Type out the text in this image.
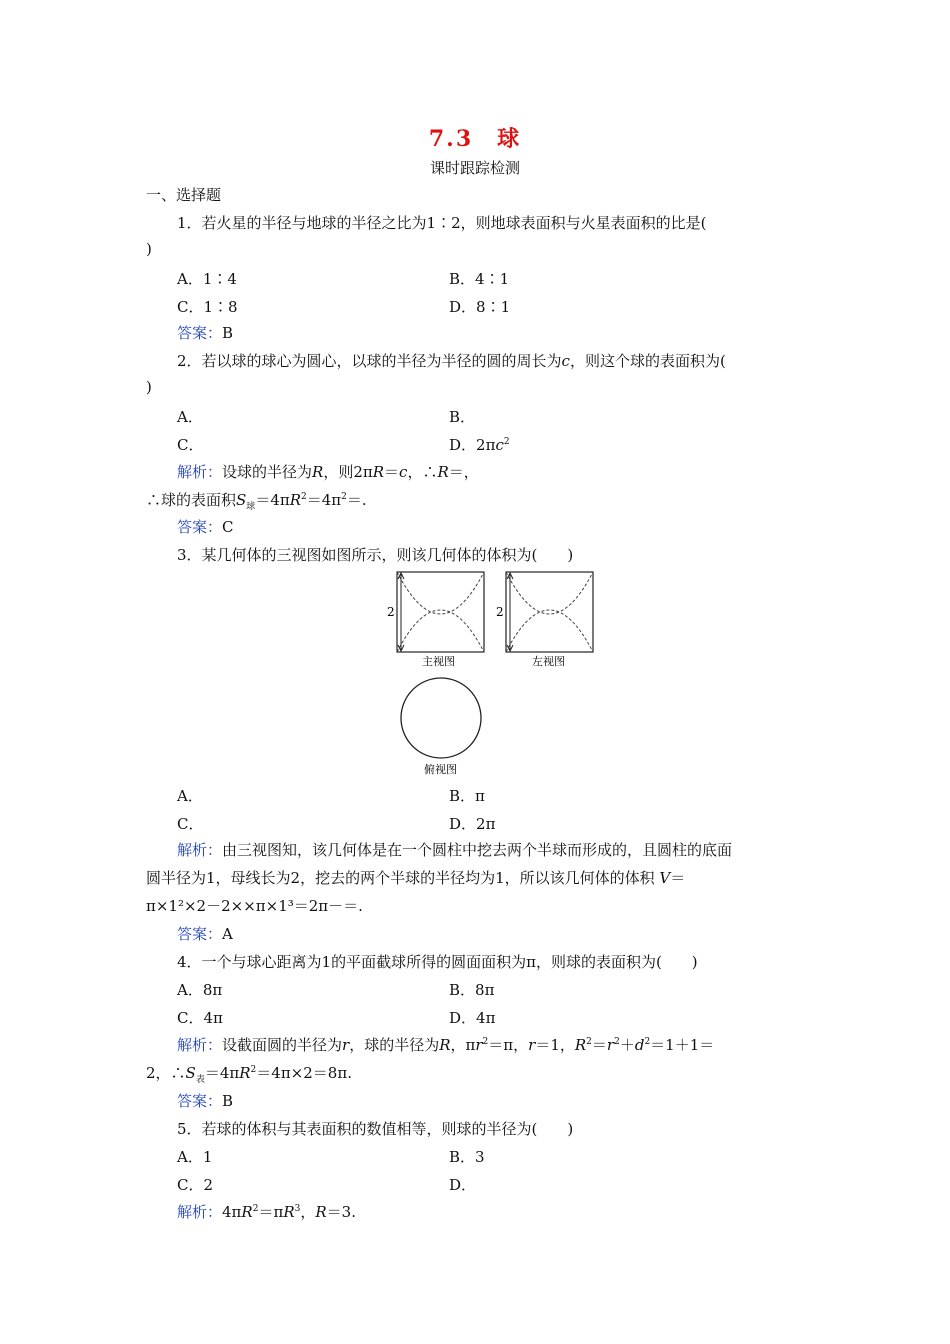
7.3　球
课时跟踪检测
一、选择题
1．若火星的半径与地球的半径之比为1∶2，则地球表面积与火星表面积的比是(
)
A．1∶4	B．4∶1
C．1∶8	D．8∶1
答案：B
2．若以球的球心为圆心，以球的半径为半径的圆的周长为c，则这个球的表面积为(
)
A．	B．
C．	D．$2\pi c^2$
解析：设球的半径为R，则2πR＝c，∴R＝，
∴球的表面积$S_球=4\pi R^2=4\pi^2=$.
答案：C
3．某几何体的三视图如图所示，则该几何体的体积为(　　)
2
主视图
2
左视图
俯视图
A．	B．π
C．	D．2π
解析：由三视图知，该几何体是在一个圆柱中挖去两个半球而形成的，且圆柱的底面
圆半径为1，母线长为2，挖去的两个半球的半径均为1，所以该几何体的体积 V＝
π×1²×2－2××π×1³＝2π－＝.
答案：A
4．一个与球心距离为1的平面截球所得的圆面面积为π，则球的表面积为(　　)
A．8π	B．8π
C．4π	D．4π
解析：设截面圆的半径为r，球的半径为R，$\pi r^2=\pi$，r＝1，$R^2=r^2+d^2=1+1=$
2，$\therefore S_表=4\pi R^2=4\pi\times 2=8\pi$.
答案：B
5．若球的体积与其表面积的数值相等，则球的半径为(　　)
A．1	B．3
C．2	D．
解析：$4\pi R^2=\pi R^3$，R＝3.
